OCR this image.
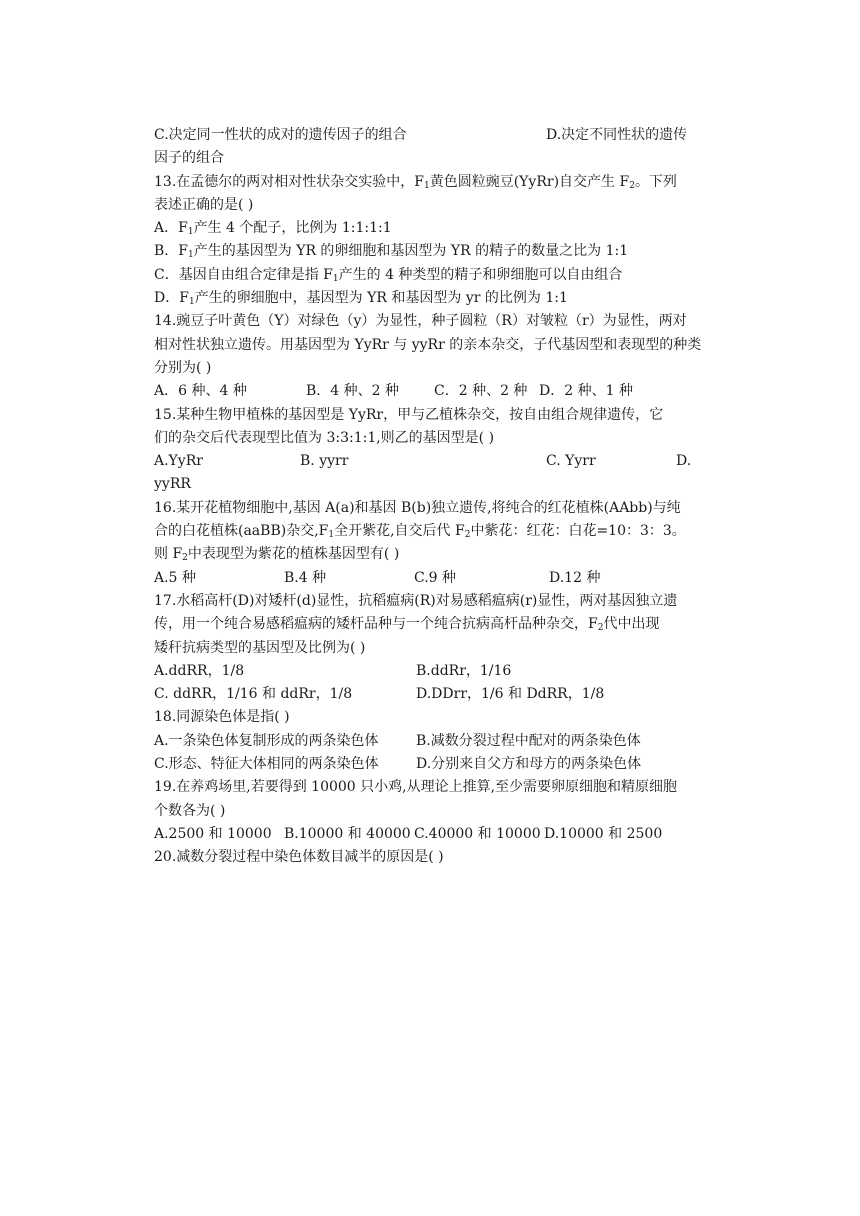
C.决定同一性状的成对的遗传因子的组合	D.决定不同性状的遗传
因子的组合
13.在孟德尔的两对相对性状杂交实验中，$F_1$黄色圆粒豌豆(YyRr)自交产生 $F_2$。下列
表述正确的是( )
A．$F_1$产生 4 个配子，比例为 1:1:1:1
B．$F_1$产生的基因型为 YR 的卵细胞和基因型为 YR 的精子的数量之比为 1:1
C．基因自由组合定律是指 $F_1$产生的 4 种类型的精子和卵细胞可以自由组合
D．$F_1$产生的卵细胞中，基因型为 YR 和基因型为 yr 的比例为 1:1
14.豌豆子叶黄色（Y）对绿色（y）为显性，种子圆粒（R）对皱粒（r）为显性，两对
相对性状独立遗传。用基因型为 YyRr 与 yyRr 的亲本杂交，子代基因型和表现型的种类
分别为( )
A．6 种、4 种	B．4 种、2 种	C．2 种、2 种 D．2 种、1 种
15.某种生物甲植株的基因型是 YyRr，甲与乙植株杂交，按自由组合规律遗传，它
们的杂交后代表现型比值为 3:3:1:1,则乙的基因型是( )
A.YyRr	B. yyrr	C. Yyrr	D.
yyRR
16.某开花植物细胞中,基因 A(a)和基因 B(b)独立遗传,将纯合的红花植株(AAbb)与纯
合的白花植株(aaBB)杂交$,F_1$全开紫花,自交后代 $F_2$中紫花：红花：白花=10：3：3。
则 $F_2$中表现型为紫花的植株基因型有( )
A.5 种	B.4 种	C.9 种	D.12 种
17.水稻高杆(D)对矮杆(d)显性，抗稻瘟病(R)对易感稻瘟病(r)显性，两对基因独立遗
传，用一个纯合易感稻瘟病的矮杆品种与一个纯合抗病高杆品种杂交，$F_2$代中出现
矮秆抗病类型的基因型及比例为( )
A.ddRR，1/8	B.ddRr，1/16
C. ddRR，1/16 和 ddRr，1/8	D.DDrr，1/6 和 DdRR，1/8
18.同源染色体是指( )
A.一条染色体复制形成的两条染色体	B.减数分裂过程中配对的两条染色体
C.形态、特征大体相同的两条染色体	D.分别来自父方和母方的两条染色体
19.在养鸡场里,若要得到 10000 只小鸡,从理论上推算,至少需要卵原细胞和精原细胞
个数各为( )
A.2500 和 10000 B.10000 和 40000 C.40000 和 10000 D.10000 和 2500
20.减数分裂过程中染色体数目减半的原因是( )
